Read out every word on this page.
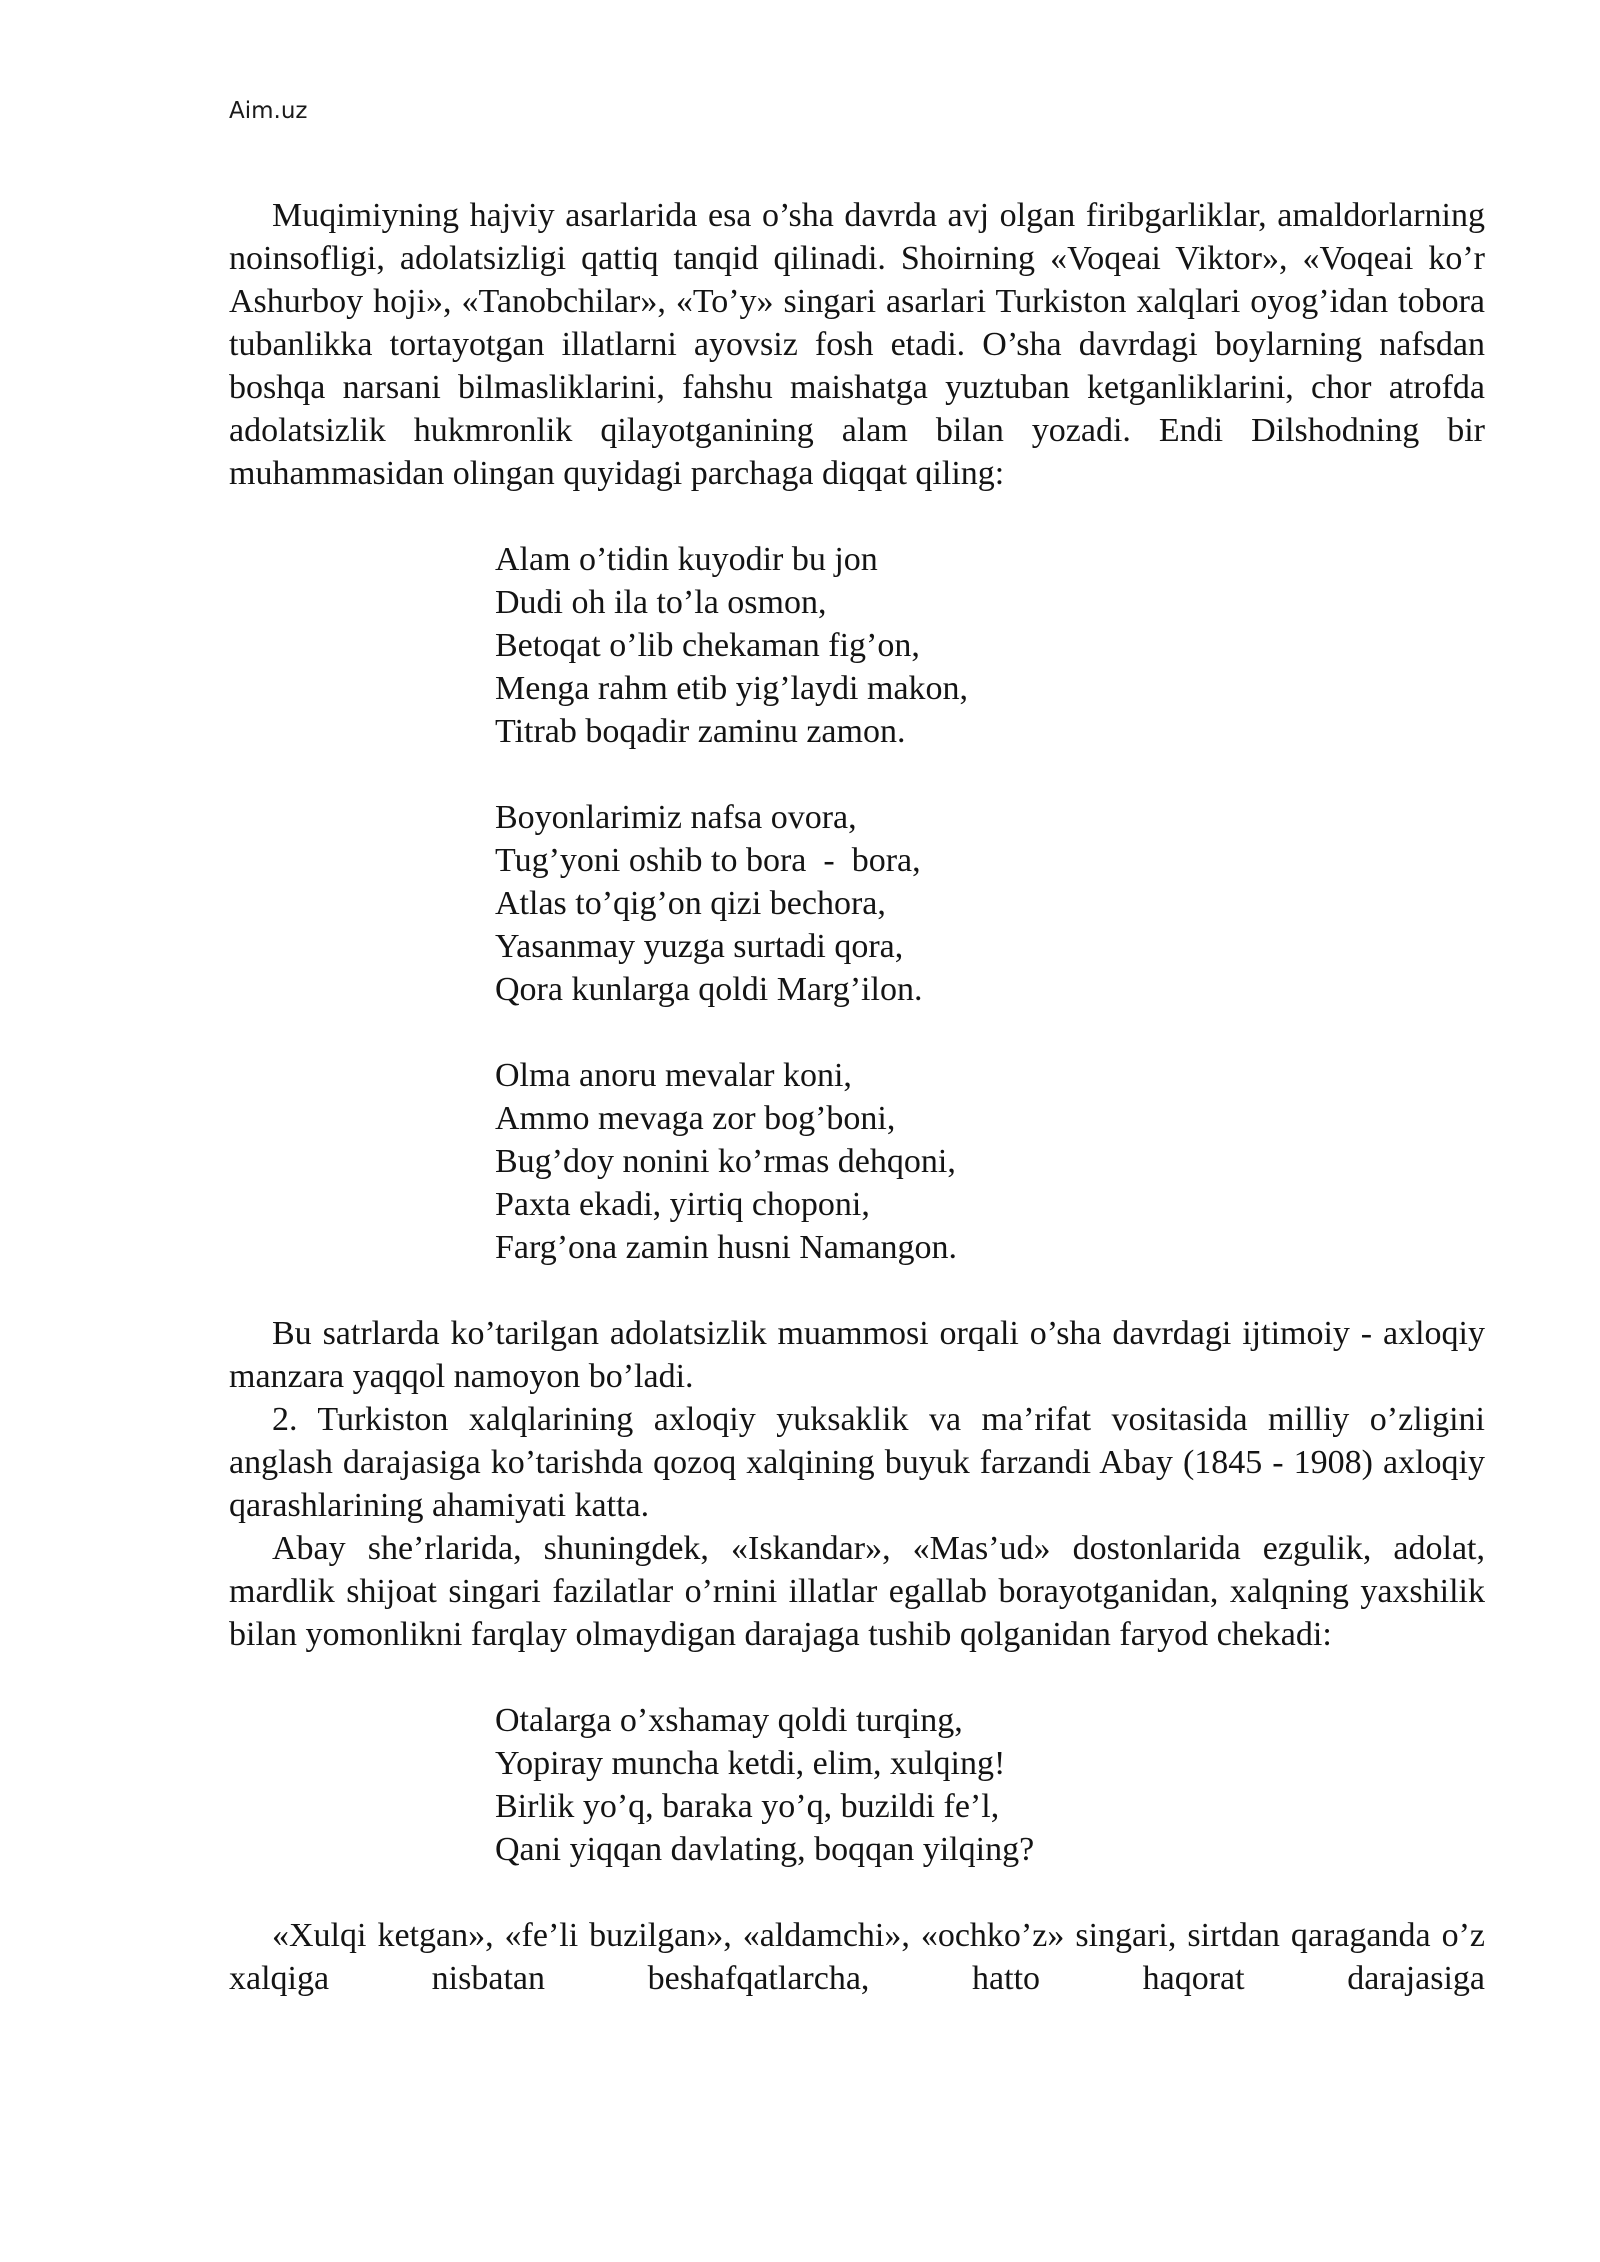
Aim.uz

Muqimiyning hajviy asarlarida esa o’sha davrda avj olgan firibgarliklar, amaldorlarning noinsofligi, adolatsizligi qattiq tanqid qilinadi. Shoirning «Voqeai Viktor», «Voqeai ko’r Ashurboy hoji», «Tanobchilar», «To’y» singari asarlari Turkiston xalqlari oyog’idan tobora tubanlikka tortayotgan illatlarni ayovsiz fosh etadi. O’sha davrdagi boylarning nafsdan boshqa narsani bilmasliklarini, fahshu maishatga yuztuban ketganliklarini, chor atrofda adolatsizlik hukmronlik qilayotganining alam bilan yozadi. Endi Dilshodning bir muhammasidan olingan quyidagi parchaga diqqat qiling:

Alam o’tidin kuyodir bu jon
Dudi oh ila to’la osmon,
Betoqat o’lib chekaman fig’on,
Menga rahm etib yig’laydi makon,
Titrab boqadir zaminu zamon.
Boyonlarimiz nafsa ovora,
Tug’yoni oshib to bora  -  bora,
Atlas to’qig’on qizi bechora,
Yasanmay yuzga surtadi qora,
Qora kunlarga qoldi Marg’ilon.
Olma anoru mevalar koni,
Ammo mevaga zor bog’boni,
Bug’doy nonini ko’rmas dehqoni,
Paxta ekadi, yirtiq choponi,
Farg’ona zamin husni Namangon.

Bu satrlarda ko’tarilgan adolatsizlik muammosi orqali o’sha davrdagi ijtimoiy - axloqiy manzara yaqqol namoyon bo’ladi.

2. Turkiston xalqlarining axloqiy yuksaklik va ma’rifat vositasida milliy o’zligini anglash darajasiga ko’tarishda qozoq xalqining buyuk farzandi Abay (1845 - 1908) axloqiy qarashlarining ahamiyati katta.

Abay she’rlarida, shuningdek, «Iskandar», «Mas’ud» dostonlarida ezgulik, adolat, mardlik shijoat singari fazilatlar o’rnini illatlar egallab borayotganidan, xalqning yaxshilik bilan yomonlikni farqlay olmaydigan darajaga tushib qolganidan faryod chekadi:

Otalarga o’xshamay qoldi turqing,
Yopiray muncha ketdi, elim, xulqing!
Birlik yo’q, baraka yo’q, buzildi fe’l,
Qani yiqqan davlating, boqqan yilqing?

«Xulqi ketgan», «fe’li buzilgan», «aldamchi», «ochko’z» singari, sirtdan qaraganda o’z xalqiga nisbatan beshafqatlarcha, hatto haqorat darajasiga
